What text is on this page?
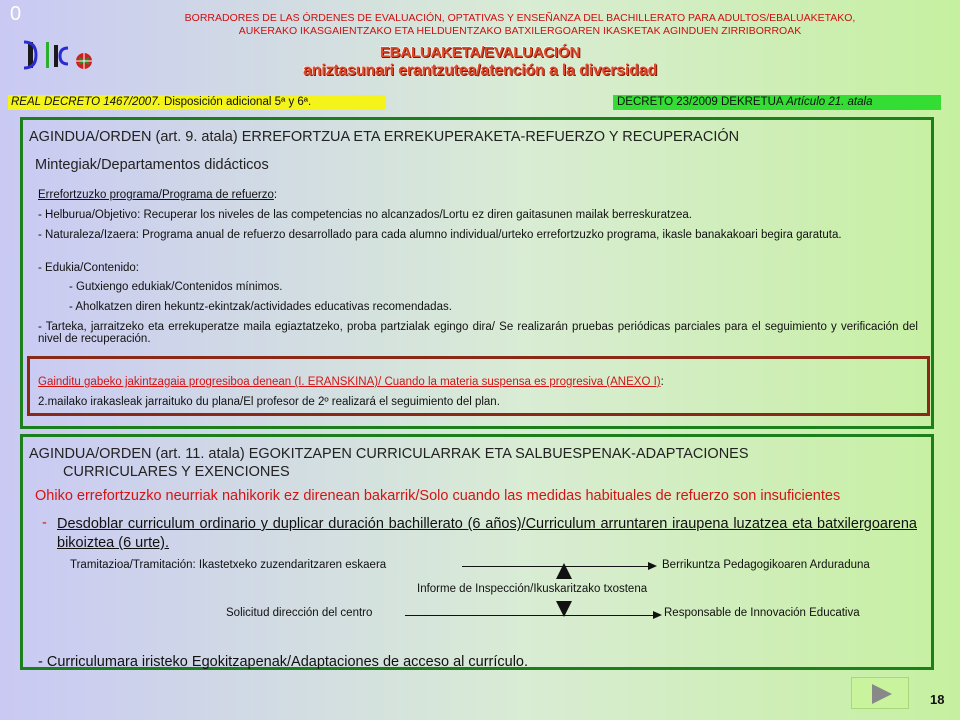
0	BORRADORES DE LAS ÓRDENES DE EVALUACIÓN, OPTATIVAS Y ENSEÑANZA DEL BACHILLERATO PARA ADULTOS/EBALUAKETAKO,
AUKERAKO IKASGAIENTZAKO ETA HELDUENTZAKO BATXILERGOAREN IKASKETAK AGINDUEN ZIRRIBORROAK
EBALUAKETA/EVALUACIÓN
aniztasunari erantzutea/atención a la diversidad
REAL DECRETO 1467/2007. Disposición adicional 5ª y 6ª.	DECRETO 23/2009 DEKRETUA Artículo 21. atala
AGINDUA/ORDEN (art. 9. atala) ERREFORTZUA ETA ERREKUPERAKETA-REFUERZO Y RECUPERACIÓN
Mintegiak/Departamentos didácticos
Errefortzuzko programa/Programa de refuerzo:
- Helburua/Objetivo: Recuperar los niveles de las competencias no alcanzados/Lortu ez diren gaitasunen mailak berreskuratzea.
- Naturaleza/Izaera: Programa anual de refuerzo desarrollado para cada alumno individual/urteko errefortzuzko programa, ikasle banakakoari begira garatuta.
- Edukia/Contenido:
- Gutxiengo edukiak/Contenidos mínimos.
- Aholkatzen diren hekuntz-ekintzak/actividades educativas recomendadas.
- Tarteka, jarraitzeko eta errekuperatze maila egiaztatzeko, proba partzialak egingo dira/ Se realizarán pruebas periódicas parciales para el seguimiento y verificación del nivel de recuperación.
Gainditu gabeko jakintzagaia progresiboa denean (I. ERANSKINA)/ Cuando la materia suspensa es progresiva (ANEXO I):
2.mailako irakasleak jarraituko du plana/El profesor de 2º realizará el seguimiento del plan.
AGINDUA/ORDEN (art. 11. atala) EGOKITZAPEN CURRICULARRAK ETA SALBUESPENAK-ADAPTACIONES
CURRICULARES Y EXENCIONES
Ohiko errefortzuzko neurriak nahikorik ez direnean bakarrik/Solo cuando las medidas habituales de refuerzo son insuficientes
- Desdoblar curriculum ordinario y duplicar duración bachillerato (6 años)/Curriculum arruntaren iraupena luzatzea eta batxilergoarena bikoiztea (6 urte).
Tramitazioa/Tramitación: Ikastetxeko zuzendaritzaren eskaera	Berrikuntza Pedagogikoaren Arduraduna
Informe de Inspección/Ikuskaritzako txostena
Solicitud dirección del centro	Responsable de Innovación Educativa
- Curriculumara iristeko Egokitzapenak/Adaptaciones de acceso al currículo.
18
